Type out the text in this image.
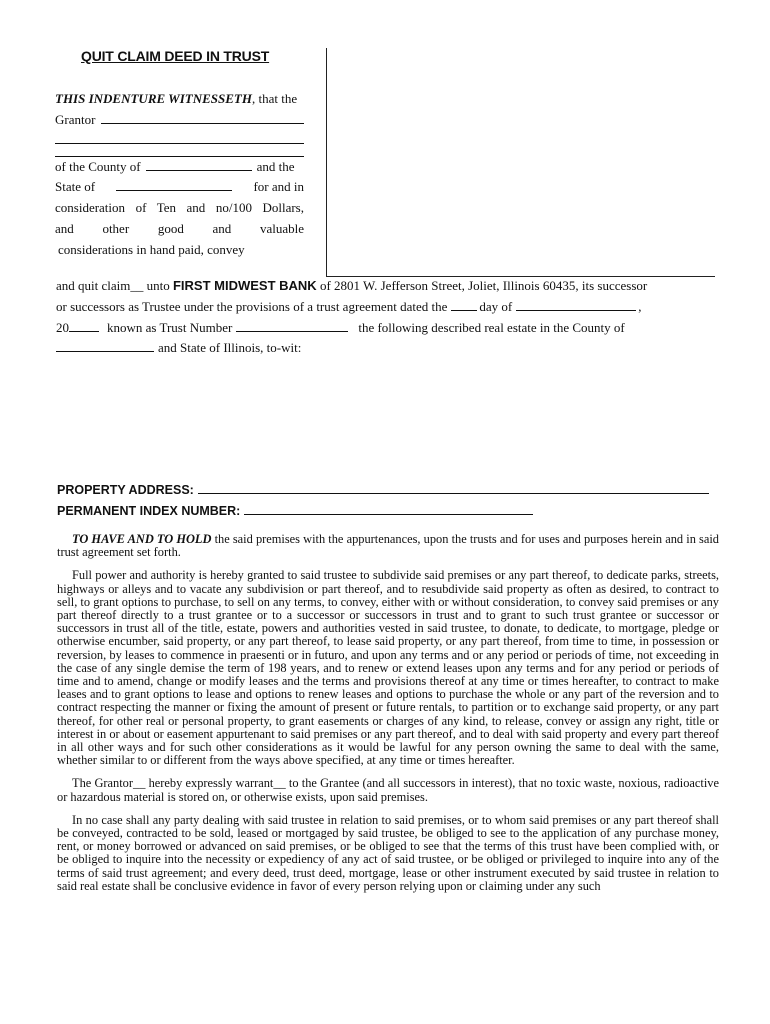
QUIT CLAIM DEED IN TRUST

THIS INDENTURE WITNESSETH, that the

Grantor

of the County of	and the

State of	for and in

consideration of Ten and no/100 Dollars,

and other good and valuable

considerations in hand paid, convey

and quit claim__ unto FIRST MIDWEST BANK of 2801 W. Jefferson Street, Joliet, Illinois 60435, its successor
or successors as Trustee under the provisions of a trust agreement dated the day of	,
20	known as Trust Number	the following described real estate in the County of
and State of Illinois, to-wit:
PROPERTY ADDRESS:
PERMANENT INDEX NUMBER:

TO HAVE AND TO HOLD the said premises with the appurtenances, upon the trusts and for uses and purposes herein and in said trust agreement set forth.

Full power and authority is hereby granted to said trustee to subdivide said premises or any part thereof, to dedicate parks, streets, highways or alleys and to vacate any subdivision or part thereof, and to resubdivide said property as often as desired, to contract to sell, to grant options to purchase, to sell on any terms, to convey, either with or without consideration, to convey said premises or any part thereof directly to a trust grantee or to a successor or successors in trust and to grant to such trust grantee or successor or successors in trust all of the title, estate, powers and authorities vested in said trustee, to donate, to dedicate, to mortgage, pledge or otherwise encumber, said property, or any part thereof, to lease said property, or any part thereof, from time to time, in possession or reversion, by leases to commence in praesenti or in futuro, and upon any terms and or any period or periods of time, not exceeding in the case of any single demise the term of 198 years, and to renew or extend leases upon any terms and for any period or periods of time and to amend, change or modify leases and the terms and provisions thereof at any time or times hereafter, to contract to make leases and to grant options to lease and options to renew leases and options to purchase the whole or any part of the reversion and to contract respecting the manner or fixing the amount of present or future rentals, to partition or to exchange said property, or any part thereof, for other real or personal property, to grant easements or charges of any kind, to release, convey or assign any right, title or interest in or about or easement appurtenant to said premises or any part thereof, and to deal with said property and every part thereof in all other ways and for such other considerations as it would be lawful for any person owning the same to deal with the same, whether similar to or different from the ways above specified, at any time or times hereafter.

The Grantor__ hereby expressly warrant__ to the Grantee (and all successors in interest), that no toxic waste, noxious, radioactive or hazardous material is stored on, or otherwise exists, upon said premises.

In no case shall any party dealing with said trustee in relation to said premises, or to whom said premises or any part thereof shall be conveyed, contracted to be sold, leased or mortgaged by said trustee, be obliged to see to the application of any purchase money, rent, or money borrowed or advanced on said premises, or be obliged to see that the terms of this trust have been complied with, or be obliged to inquire into the necessity or expediency of any act of said trustee, or be obliged or privileged to inquire into any of the terms of said trust agreement; and every deed, trust deed, mortgage, lease or other instrument executed by said trustee in relation to said real estate shall be conclusive evidence in favor of every person relying upon or claiming under any such
